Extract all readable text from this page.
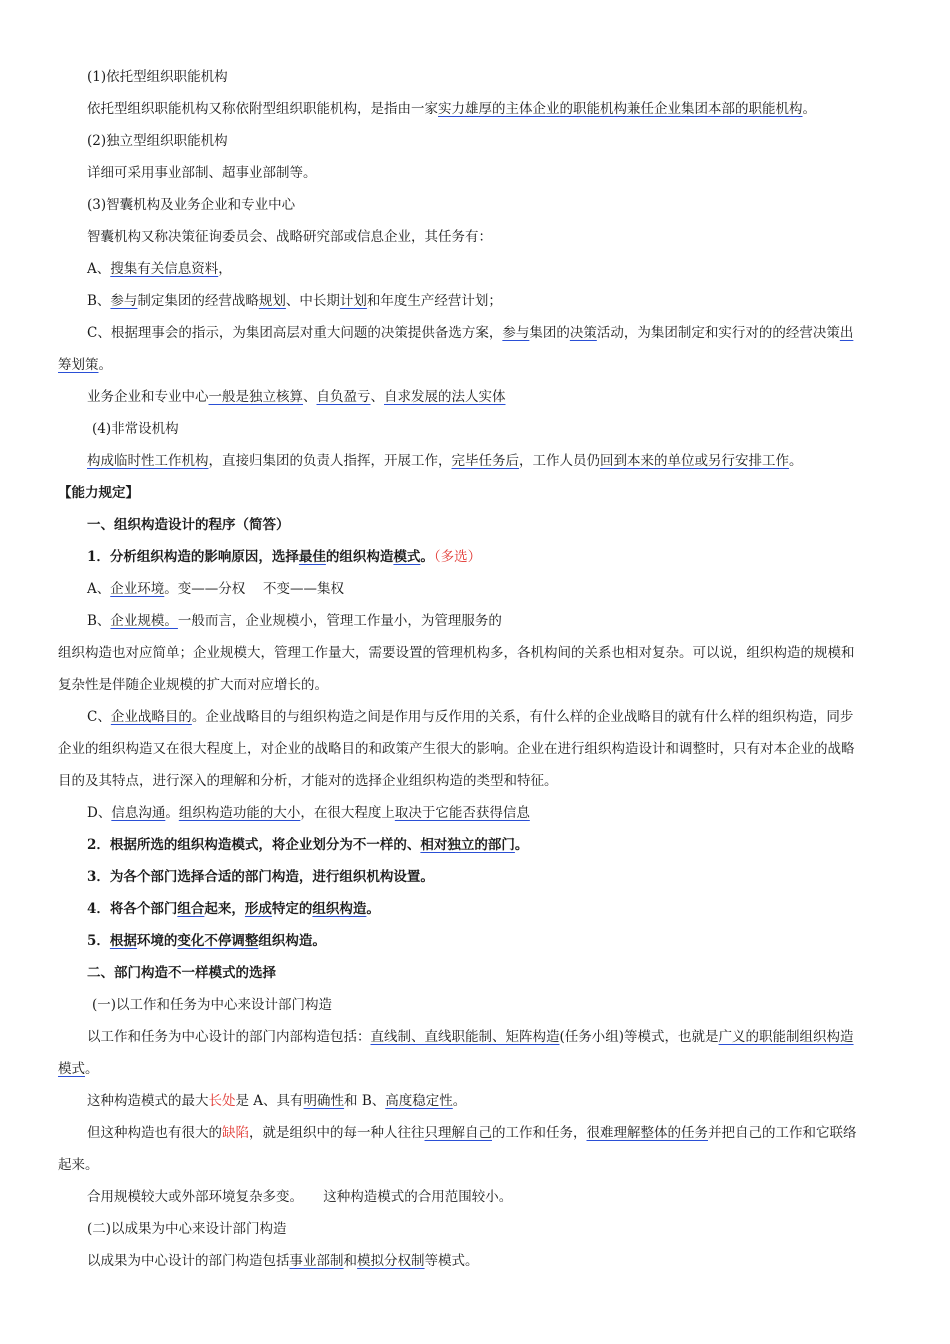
(1)依托型组织职能机构
依托型组织职能机构又称依附型组织职能机构，是指由一家实力雄厚的主体企业的职能机构兼任企业集团本部的职能机构。
(2)独立型组织职能机构
详细可采用事业部制、超事业部制等。
(3)智囊机构及业务企业和专业中心
智囊机构又称决策征询委员会、战略研究部或信息企业，其任务有：
A、搜集有关信息资料，
B、参与制定集团的经营战略规划、中长期计划和年度生产经营计划；
C、根据理事会的指示，为集团高层对重大问题的决策提供备选方案，参与集团的决策活动，为集团制定和实行对的的经营决策出
筹划策。
业务企业和专业中心一般是独立核算、自负盈亏、自求发展的法人实体
(4)非常设机构
构成临时性工作机构，直接归集团的负责人指挥，开展工作，完毕任务后，工作人员仍回到本来的单位或另行安排工作。
【能力规定】
一、组织构造设计的程序（简答）
1．分析组织构造的影响原因，选择最佳的组织构造模式。（多选）
A、企业环境。变——分权　 不变——集权
B、企业规模。一般而言，企业规模小，管理工作量小，为管理服务的
组织构造也对应简单；企业规模大，管理工作量大，需要设置的管理机构多，各机构间的关系也相对复杂。可以说，组织构造的规模和
复杂性是伴随企业规模的扩大而对应增长的。
C、企业战略目的。企业战略目的与组织构造之间是作用与反作用的关系，有什么样的企业战略目的就有什么样的组织构造，同步
企业的组织构造又在很大程度上，对企业的战略目的和政策产生很大的影响。企业在进行组织构造设计和调整时，只有对本企业的战略
目的及其特点，进行深入的理解和分析，才能对的选择企业组织构造的类型和特征。
D、信息沟通。组织构造功能的大小，在很大程度上取决于它能否获得信息
2．根据所选的组织构造模式，将企业划分为不一样的、相对独立的部门。
3．为各个部门选择合适的部门构造，进行组织机构设置。
4．将各个部门组合起来，形成特定的组织构造。
5．根据环境的变化不停调整组织构造。
二、部门构造不一样模式的选择
(一)以工作和任务为中心来设计部门构造
以工作和任务为中心设计的部门内部构造包括：直线制、直线职能制、矩阵构造(任务小组)等模式，也就是广义的职能制组织构造
模式。
这种构造模式的最大长处是 A、具有明确性和 B、高度稳定性。
但这种构造也有很大的缺陷，就是组织中的每一种人往往只理解自己的工作和任务，很难理解整体的任务并把自己的工作和它联络
起来。
合用规模较大或外部环境复杂多变。　　这种构造模式的合用范围较小。
(二)以成果为中心来设计部门构造
以成果为中心设计的部门构造包括事业部制和模拟分权制等模式。
